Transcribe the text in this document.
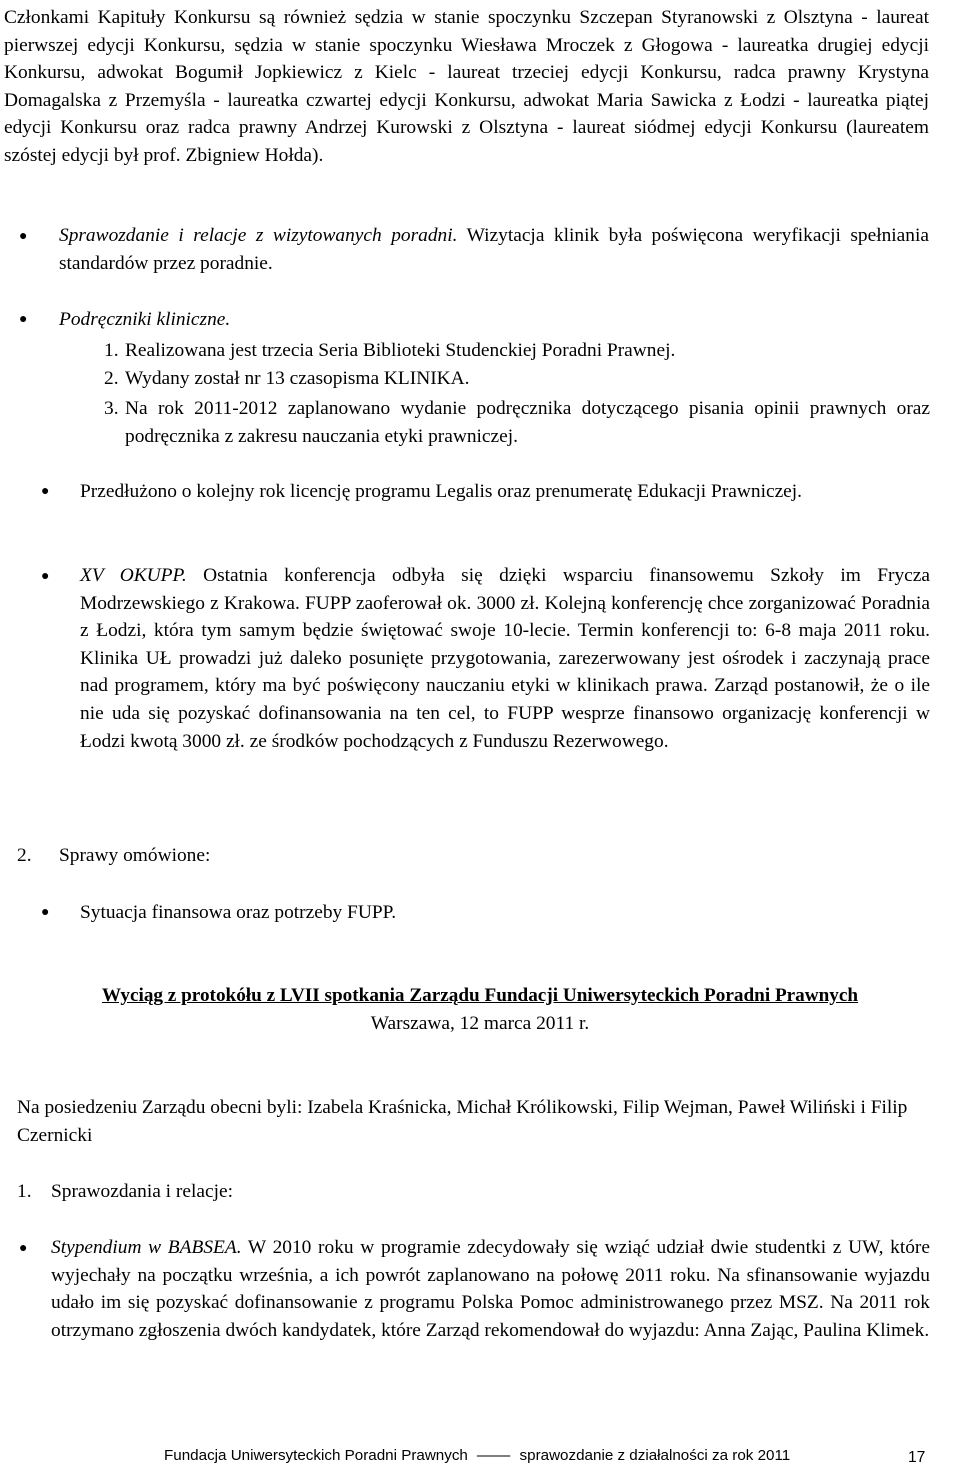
Członkami Kapituły Konkursu są również sędzia w stanie spoczynku Szczepan Styranowski z Olsztyna - laureat pierwszej edycji Konkursu, sędzia w stanie spoczynku Wiesława Mroczek z Głogowa - laureatka drugiej edycji Konkursu, adwokat Bogumił Jopkiewicz z Kielc - laureat trzeciej edycji Konkursu, radca prawny Krystyna Domagalska z Przemyśla - laureatka czwartej edycji Konkursu, adwokat Maria Sawicka z Łodzi - laureatka piątej edycji Konkursu oraz radca prawny Andrzej Kurowski z Olsztyna - laureat siódmej edycji Konkursu (laureatem szóstej edycji był prof. Zbigniew Hołda).
● Sprawozdanie i relacje z wizytowanych poradni. Wizytacja klinik była poświęcona weryfikacji spełniania standardów przez poradnie.
● Podręczniki kliniczne.
1. Realizowana jest trzecia Seria Biblioteki Studenckiej Poradni Prawnej.
2. Wydany został nr 13 czasopisma KLINIKA.
3. Na rok 2011-2012 zaplanowano wydanie podręcznika dotyczącego pisania opinii prawnych oraz podręcznika z zakresu nauczania etyki prawniczej.
● Przedłużono o kolejny rok licencję programu Legalis oraz prenumeratę Edukacji Prawniczej.
● XV OKUPP. Ostatnia konferencja odbyła się dzięki wsparciu finansowemu Szkoły im Frycza Modrzewskiego z Krakowa. FUPP zaoferował ok. 3000 zł. Kolejną konferencję chce zorganizować Poradnia z Łodzi, która tym samym będzie świętować swoje 10-lecie. Termin konferencji to: 6-8 maja 2011 roku. Klinika UŁ prowadzi już daleko posunięte przygotowania, zarezerwowany jest ośrodek i zaczynają prace nad programem, który ma być poświęcony nauczaniu etyki w klinikach prawa. Zarząd postanowił, że o ile nie uda się pozyskać dofinansowania na ten cel, to FUPP wesprze finansowo organizację konferencji w Łodzi kwotą 3000 zł. ze środków pochodzących z Funduszu Rezerwowego.
2. Sprawy omówione:
● Sytuacja finansowa oraz potrzeby FUPP.
Wyciąg z protokółu z LVII spotkania Zarządu Fundacji Uniwersyteckich Poradni Prawnych
Warszawa, 12 marca 2011 r.
Na posiedzeniu Zarządu obecni byli: Izabela Kraśnicka, Michał Królikowski, Filip Wejman, Paweł Wiliński i Filip Czernicki
1. Sprawozdania i relacje:
● Stypendium w BABSEA. W 2010 roku w programie zdecydowały się wziąć udział dwie studentki z UW, które wyjechały na początku września, a ich powrót zaplanowano na połowę 2011 roku. Na sfinansowanie wyjazdu udało im się pozyskać dofinansowanie z programu Polska Pomoc administrowanego przez MSZ. Na 2011 rok otrzymano zgłoszenia dwóch kandydatek, które Zarząd rekomendował do wyjazdu: Anna Zając, Paulina Klimek.
Fundacja Uniwersyteckich Poradni Prawnych — sprawozdanie z działalności za rok 2011	17
